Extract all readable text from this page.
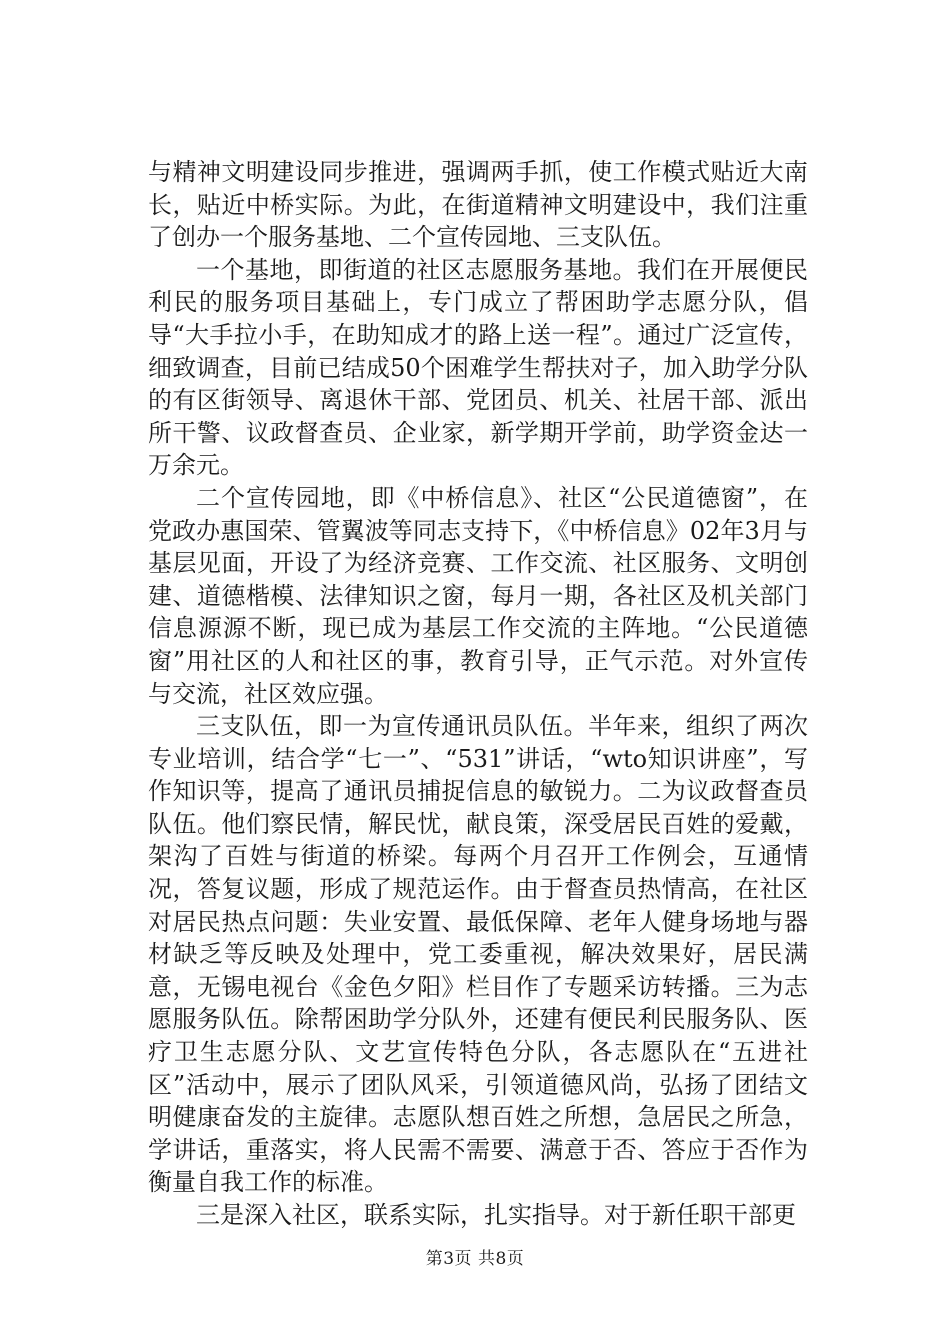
与精神文明建设同步推进，强调两手抓，使工作模式贴近大南长，贴近中桥实际。为此，在街道精神文明建设中，我们注重了创办一个服务基地、二个宣传园地、三支队伍。

一个基地，即街道的社区志愿服务基地。我们在开展便民利民的服务项目基础上，专门成立了帮困助学志愿分队，倡导“大手拉小手，在助知成才的路上送一程”。通过广泛宣传，细致调查，目前已结成50个困难学生帮扶对子，加入助学分队的有区街领导、离退休干部、党团员、机关、社居干部、派出所干警、议政督查员、企业家，新学期开学前，助学资金达一万余元。

二个宣传园地，即《中桥信息》、社区“公民道德窗”，在党政办惠国荣、管翼波等同志支持下，《中桥信息》02年3月与基层见面，开设了为经济竞赛、工作交流、社区服务、文明创建、道德楷模、法律知识之窗，每月一期，各社区及机关部门信息源源不断，现已成为基层工作交流的主阵地。“公民道德窗”用社区的人和社区的事，教育引导，正气示范。对外宣传与交流，社区效应强。

三支队伍，即一为宣传通讯员队伍。半年来，组织了两次专业培训，结合学“七一”、“531”讲话，“wto知识讲座”，写作知识等，提高了通讯员捕捉信息的敏锐力。二为议政督查员队伍。他们察民情，解民忧，献良策，深受居民百姓的爱戴，架沟了百姓与街道的桥梁。每两个月召开工作例会，互通情况，答复议题，形成了规范运作。由于督查员热情高，在社区对居民热点问题：失业安置、最低保障、老年人健身场地与器材缺乏等反映及处理中，党工委重视，解决效果好，居民满意，无锡电视台《金色夕阳》栏目作了专题采访转播。三为志愿服务队伍。除帮困助学分队外，还建有便民利民服务队、医疗卫生志愿分队、文艺宣传特色分队，各志愿队在“五进社区”活动中，展示了团队风采，引领道德风尚，弘扬了团结文明健康奋发的主旋律。志愿队想百姓之所想，急居民之所急，学讲话，重落实，将人民需不需要、满意于否、答应于否作为衡量自我工作的标准。

三是深入社区，联系实际，扎实指导。对于新任职干部更

第3页 共8页
